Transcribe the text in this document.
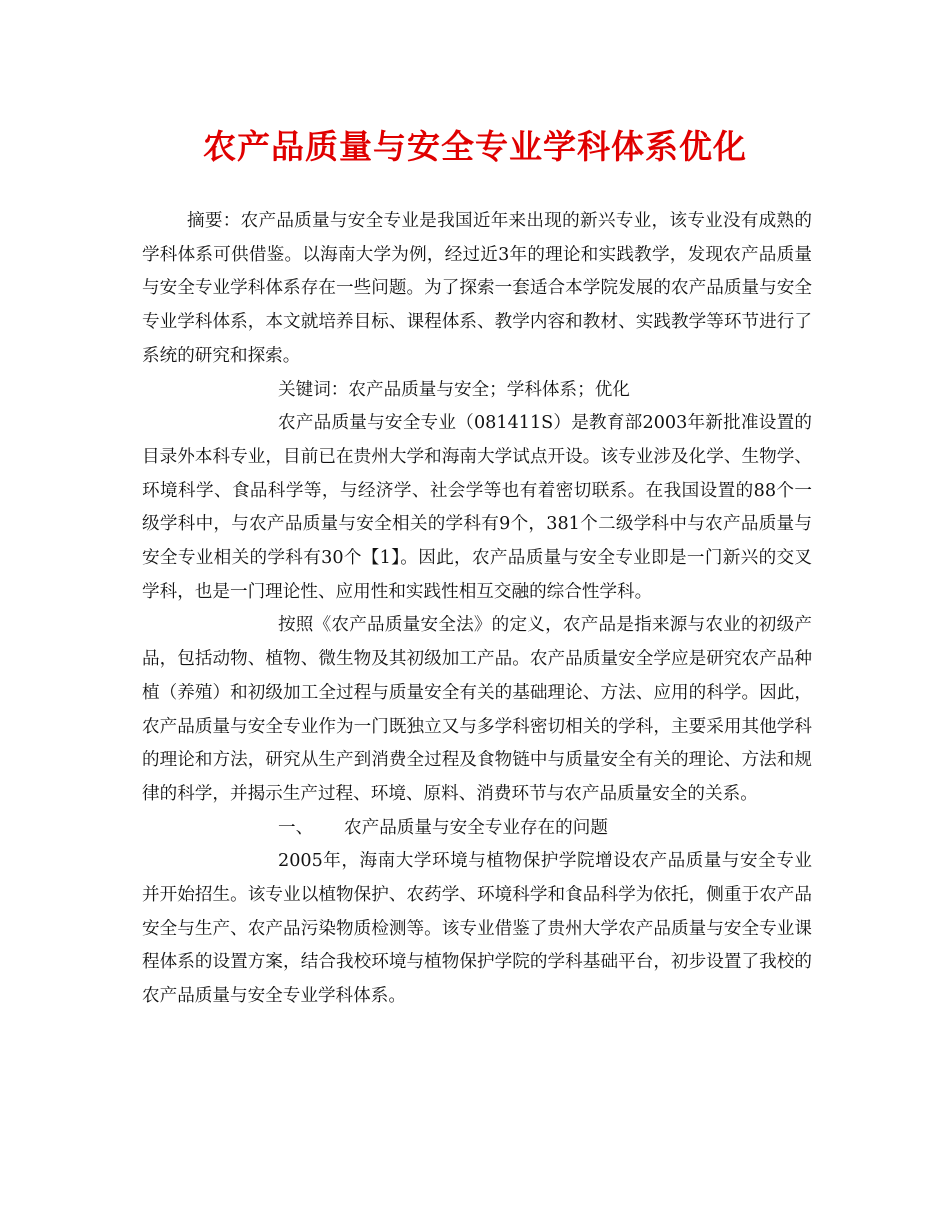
农产品质量与安全专业学科体系优化

摘要：农产品质量与安全专业是我国近年来出现的新兴专业，该专业没有成熟的学科体系可供借鉴。以海南大学为例，经过近3年的理论和实践教学，发现农产品质量与安全专业学科体系存在一些问题。为了探索一套适合本学院发展的农产品质量与安全专业学科体系，本文就培养目标、课程体系、教学内容和教材、实践教学等环节进行了系统的研究和探索。

关键词：农产品质量与安全；学科体系；优化

农产品质量与安全专业（081411S）是教育部2003年新批准设置的目录外本科专业，目前已在贵州大学和海南大学试点开设。该专业涉及化学、生物学、环境科学、食品科学等，与经济学、社会学等也有着密切联系。在我国设置的88个一级学科中，与农产品质量与安全相关的学科有9个，381个二级学科中与农产品质量与安全专业相关的学科有30个【1】。因此，农产品质量与安全专业即是一门新兴的交叉学科，也是一门理论性、应用性和实践性相互交融的综合性学科。

按照《农产品质量安全法》的定义，农产品是指来源与农业的初级产品，包括动物、植物、微生物及其初级加工产品。农产品质量安全学应是研究农产品种植（养殖）和初级加工全过程与质量安全有关的基础理论、方法、应用的科学。因此，农产品质量与安全专业作为一门既独立又与多学科密切相关的学科，主要采用其他学科的理论和方法，研究从生产到消费全过程及食物链中与质量安全有关的理论、方法和规律的科学，并揭示生产过程、环境、原料、消费环节与农产品质量安全的关系。

一、 农产品质量与安全专业存在的问题

2005年，海南大学环境与植物保护学院增设农产品质量与安全专业并开始招生。该专业以植物保护、农药学、环境科学和食品科学为依托，侧重于农产品安全与生产、农产品污染物质检测等。该专业借鉴了贵州大学农产品质量与安全专业课程体系的设置方案，结合我校环境与植物保护学院的学科基础平台，初步设置了我校的农产品质量与安全专业学科体系。
